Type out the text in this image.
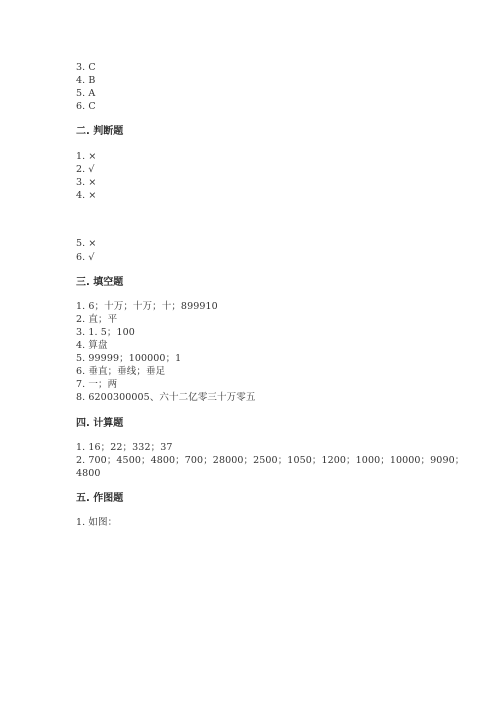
3. C
4. B
5. A
6. C
二. 判断题
1. ×
2. √
3. ×
4. ×
5. ×
6. √
三. 填空题
1. 6；十万；十万；十；899910
2. 直；平
3. 1. 5；100
4. 算盘
5. 99999；100000；1
6. 垂直；垂线；垂足
7. 一；两
8. 6200300005、六十二亿零三十万零五
四. 计算题
1. 16；22；332；37
2. 700；4500；4800；700；28000；2500；1050；1200；1000；10000；9090；
4800
五. 作图题
1. 如图：
